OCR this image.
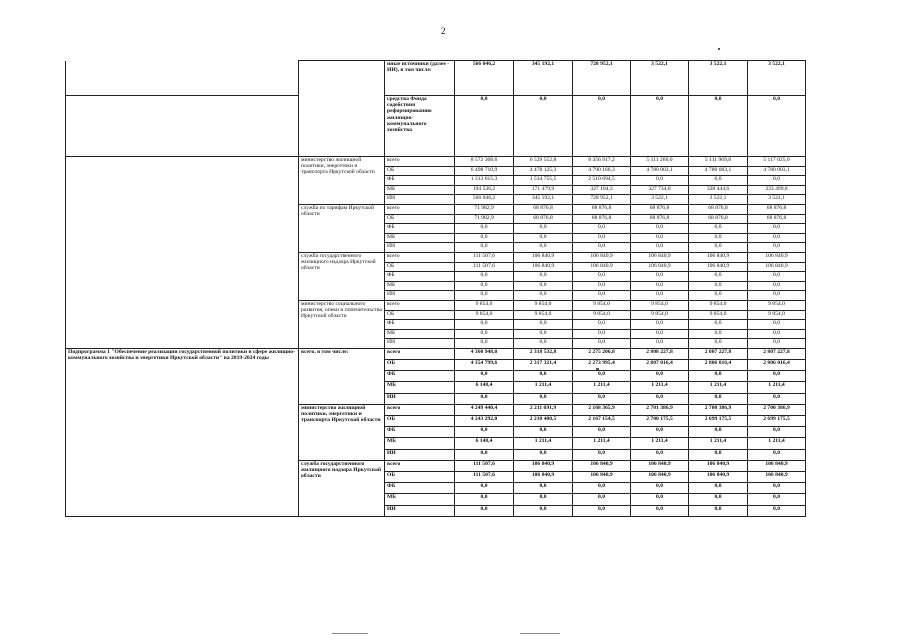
2
		иные источники (далее - ИИ), в том числе:	566 046,2	345 192,1	728 952,1	3 522,1	3 522,1	3 522,1
		средства Фонда содействия реформированию жилищно-коммунального хозяйства	0,0	0,0	0,0	0,0	0,0	0,0
	министерство жилищной политики, энергетики и транспорта Иркутской области	всего	8 572 308,6	6 529 552,8	8 356 917,2	5 111 260,0	5 111 969,8	5 117 025,0
		ОБ	6 498 710,9	4 478 125,3	4 790 166,3	4 780 003,1	4 780 003,1	4 780 003,1
		ФБ	1 313 015,3	1 534 755,5	2 510 694,5	0,0	0,0	0,0
		МБ	194 536,2	171 479,9	327 104,3	327 734,8	328 444,6	333 499,8
		ИИ	566 046,2	345 192,1	728 952,1	3 522,1	3 522,1	3 522,1
	служба по тарифам Иркутской области	всего	71 982,9	68 876,8	68 876,8	68 876,8	68 876,8	68 876,8
		ОБ	71 982,9	68 876,8	68 876,8	68 876,8	68 876,8	68 876,8
		ФБ	0,0	0,0	0,0	0,0	0,0	0,0
		МБ	0,0	0,0	0,0	0,0	0,0	0,0
		ИИ	0,0	0,0	0,0	0,0	0,0	0,0
	служба государственного жилищного надзора Иркутской области	всего	111 507,6	106 840,9	106 840,9	106 840,9	106 840,9	106 840,9
		ОБ	111 507,6	106 840,9	106 840,9	106 840,9	106 840,9	106 840,9
		ФБ	0,0	0,0	0,0	0,0	0,0	0,0
		МБ	0,0	0,0	0,0	0,0	0,0	0,0
		ИИ	0,0	0,0	0,0	0,0	0,0	0,0
	министерство социального развития, опеки и попечительства Иркутской области	всего	9 854,0	9 854,0	9 854,0	9 854,0	9 854,0	9 854,0
		ОБ	9 854,0	9 854,0	9 854,0	9 854,0	9 854,0	9 854,0
		ФБ	0,0	0,0	0,0	0,0	0,0	0,0
		МБ	0,0	0,0	0,0	0,0	0,0	0,0
		ИИ	0,0	0,0	0,0	0,0	0,0	0,0
Подпрограмма 1 "Обеспечение реализации государственной политики в сфере жилищно-коммунального хозяйства и энергетики Иркутской области" на 2019-2024 годы	всего, в том числе:	всего	4 360 948,0	2 318 532,8	2 275 206,8	2 808 227,8	2 807 227,8	2 807 227,8
		ОБ	4 354 799,6	2 317 321,4	2 273 995,4	2 807 016,4	2 806 016,4	2 806 016,4
		ФБ	0,0	0,0	0,0	0,0	0,0	0,0
		МБ	6 148,4	1 211,4	1 211,4	1 211,4	1 211,4	1 211,4
		ИИ	0,0	0,0	0,0	0,0	0,0	0,0
	министерство жилищной политики, энергетики и транспорта Иркутской области	всего	4 249 440,4	2 211 691,9	2 168 365,9	2 701 386,9	2 700 386,9	2 700 386,9
		ОБ	4 243 292,0	2 210 480,5	2 167 154,5	2 700 175,5	2 699 175,5	2 699 175,5
		ФБ	0,0	0,0	0,0	0,0	0,0	0,0
		МБ	6 148,4	1 211,4	1 211,4	1 211,4	1 211,4	1 211,4
		ИИ	0,0	0,0	0,0	0,0	0,0	0,0
	служба государственного жилищного надзора Иркутской области	всего	111 507,6	106 840,9	106 840,9	106 840,9	106 840,9	106 840,9
		ОБ	111 507,6	106 840,9	106 840,9	106 840,9	106 840,9	106 840,9
		ФБ	0,0	0,0	0,0	0,0	0,0	0,0
		МБ	0,0	0,0	0,0	0,0	0,0	0,0
		ИИ	0,0	0,0	0,0	0,0	0,0	0,0
